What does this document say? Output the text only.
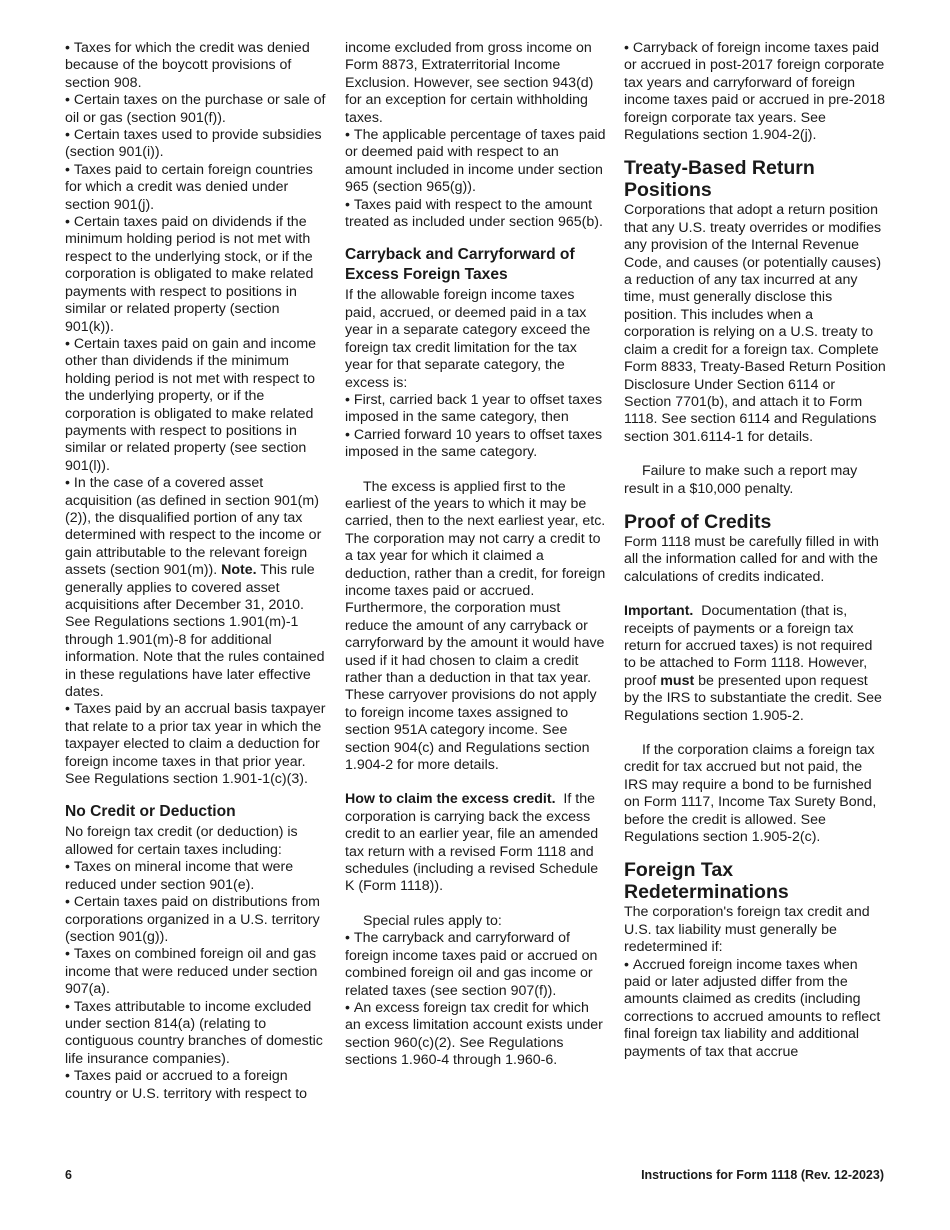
• Taxes for which the credit was denied because of the boycott provisions of section 908.

• Certain taxes on the purchase or sale of oil or gas (section 901(f)).

• Certain taxes used to provide subsidies (section 901(i)).

• Taxes paid to certain foreign countries for which a credit was denied under section 901(j).

• Certain taxes paid on dividends if the minimum holding period is not met with respect to the underlying stock, or if the corporation is obligated to make related payments with respect to positions in similar or related property (section 901(k)).

• Certain taxes paid on gain and income other than dividends if the minimum holding period is not met with respect to the underlying property, or if the corporation is obligated to make related payments with respect to positions in similar or related property (see section 901(l)).

• In the case of a covered asset acquisition (as defined in section 901(m)(2)), the disqualified portion of any tax determined with respect to the income or gain attributable to the relevant foreign assets (section 901(m)). Note. This rule generally applies to covered asset acquisitions after December 31, 2010. See Regulations sections 1.901(m)-1 through 1.901(m)-8 for additional information. Note that the rules contained in these regulations have later effective dates.

• Taxes paid by an accrual basis taxpayer that relate to a prior tax year in which the taxpayer elected to claim a deduction for foreign income taxes in that prior year. See Regulations section 1.901-1(c)(3).

No Credit or Deduction

No foreign tax credit (or deduction) is allowed for certain taxes including:

• Taxes on mineral income that were reduced under section 901(e).

• Certain taxes paid on distributions from corporations organized in a U.S. territory (section 901(g)).

• Taxes on combined foreign oil and gas income that were reduced under section 907(a).

• Taxes attributable to income excluded under section 814(a) (relating to contiguous country branches of domestic life insurance companies).

• Taxes paid or accrued to a foreign country or U.S. territory with respect to

income excluded from gross income on Form 8873, Extraterritorial Income Exclusion. However, see section 943(d) for an exception for certain withholding taxes.

• The applicable percentage of taxes paid or deemed paid with respect to an amount included in income under section 965 (section 965(g)).

• Taxes paid with respect to the amount treated as included under section 965(b).

Carryback and Carryforward of Excess Foreign Taxes

If the allowable foreign income taxes paid, accrued, or deemed paid in a tax year in a separate category exceed the foreign tax credit limitation for the tax year for that separate category, the excess is:

• First, carried back 1 year to offset taxes imposed in the same category, then

• Carried forward 10 years to offset taxes imposed in the same category.

The excess is applied first to the earliest of the years to which it may be carried, then to the next earliest year, etc. The corporation may not carry a credit to a tax year for which it claimed a deduction, rather than a credit, for foreign income taxes paid or accrued. Furthermore, the corporation must reduce the amount of any carryback or carryforward by the amount it would have used if it had chosen to claim a credit rather than a deduction in that tax year. These carryover provisions do not apply to foreign income taxes assigned to section 951A category income. See section 904(c) and Regulations section 1.904-2 for more details.

How to claim the excess credit. If the corporation is carrying back the excess credit to an earlier year, file an amended tax return with a revised Form 1118 and schedules (including a revised Schedule K (Form 1118)).

Special rules apply to:

• The carryback and carryforward of foreign income taxes paid or accrued on combined foreign oil and gas income or related taxes (see section 907(f)).

• An excess foreign tax credit for which an excess limitation account exists under section 960(c)(2). See Regulations sections 1.960-4 through 1.960-6.

• Carryback of foreign income taxes paid or accrued in post-2017 foreign corporate tax years and carryforward of foreign income taxes paid or accrued in pre-2018 foreign corporate tax years. See Regulations section 1.904-2(j).

Treaty-Based Return Positions

Corporations that adopt a return position that any U.S. treaty overrides or modifies any provision of the Internal Revenue Code, and causes (or potentially causes) a reduction of any tax incurred at any time, must generally disclose this position. This includes when a corporation is relying on a U.S. treaty to claim a credit for a foreign tax. Complete Form 8833, Treaty-Based Return Position Disclosure Under Section 6114 or Section 7701(b), and attach it to Form 1118. See section 6114 and Regulations section 301.6114-1 for details.

Failure to make such a report may result in a $10,000 penalty.

Proof of Credits

Form 1118 must be carefully filled in with all the information called for and with the calculations of credits indicated.

Important. Documentation (that is, receipts of payments or a foreign tax return for accrued taxes) is not required to be attached to Form 1118. However, proof must be presented upon request by the IRS to substantiate the credit. See Regulations section 1.905-2.

If the corporation claims a foreign tax credit for tax accrued but not paid, the IRS may require a bond to be furnished on Form 1117, Income Tax Surety Bond, before the credit is allowed. See Regulations section 1.905-2(c).

Foreign Tax Redeterminations

The corporation's foreign tax credit and U.S. tax liability must generally be redetermined if:

• Accrued foreign income taxes when paid or later adjusted differ from the amounts claimed as credits (including corrections to accrued amounts to reflect final foreign tax liability and additional payments of tax that accrue

6	Instructions for Form 1118 (Rev. 12-2023)
